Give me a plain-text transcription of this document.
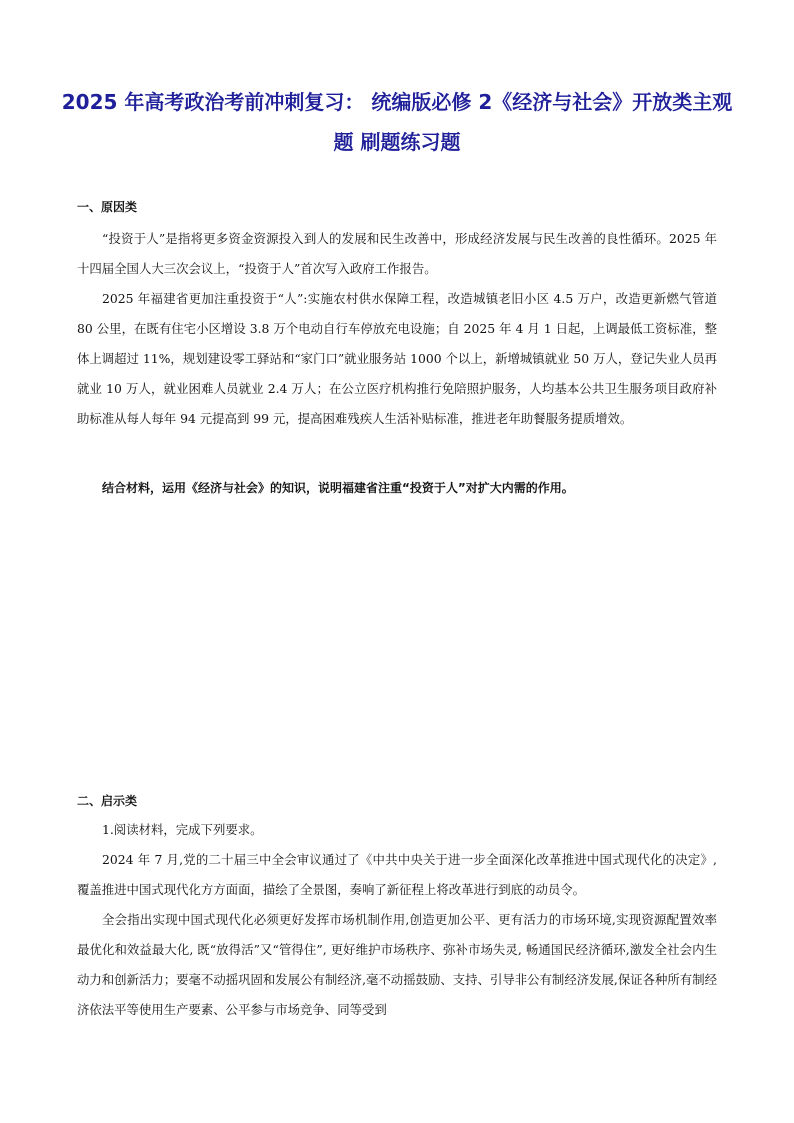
2025 年高考政治考前冲刺复习： 统编版必修 2《经济与社会》开放类主观题 刷题练习题
一、原因类

“投资于人”是指将更多资金资源投入到人的发展和民生改善中，形成经济发展与民生改善的良性循环。2025 年十四届全国人大三次会议上，“投资于人”首次写入政府工作报告。

2025 年福建省更加注重投资于“人”:实施农村供水保障工程，改造城镇老旧小区 4.5 万户，改造更新燃气管道 80 公里，在既有住宅小区增设 3.8 万个电动自行车停放充电设施；自 2025 年 4 月 1 日起，上调最低工资标准，整体上调超过 11%，规划建设零工驿站和“家门口”就业服务站 1000 个以上，新增城镇就业 50 万人，登记失业人员再就业 10 万人，就业困难人员就业 2.4 万人；在公立医疗机构推行免陪照护服务，人均基本公共卫生服务项目政府补助标准从每人每年 94 元提高到 99 元，提高困难残疾人生活补贴标准，推进老年助餐服务提质增效。

结合材料，运用《经济与社会》的知识，说明福建省注重“投资于人”对扩大内需的作用。

二、启示类

1.阅读材料，完成下列要求。

2024 年 7 月,党的二十届三中全会审议通过了《中共中央关于进一步全面深化改革推进中国式现代化的决定》,覆盖推进中国式现代化方方面面，描绘了全景图，奏响了新征程上将改革进行到底的动员令。

全会指出实现中国式现代化必须更好发挥市场机制作用,创造更加公平、更有活力的市场环境,实现资源配置效率最优化和效益最大化, 既“放得活”又“管得住”, 更好维护市场秩序、弥补市场失灵, 畅通国民经济循环,激发全社会内生动力和创新活力；要毫不动摇巩固和发展公有制经济,毫不动摇鼓励、支持、引导非公有制经济发展,保证各种所有制经济依法平等使用生产要素、公平参与市场竞争、同等受到
